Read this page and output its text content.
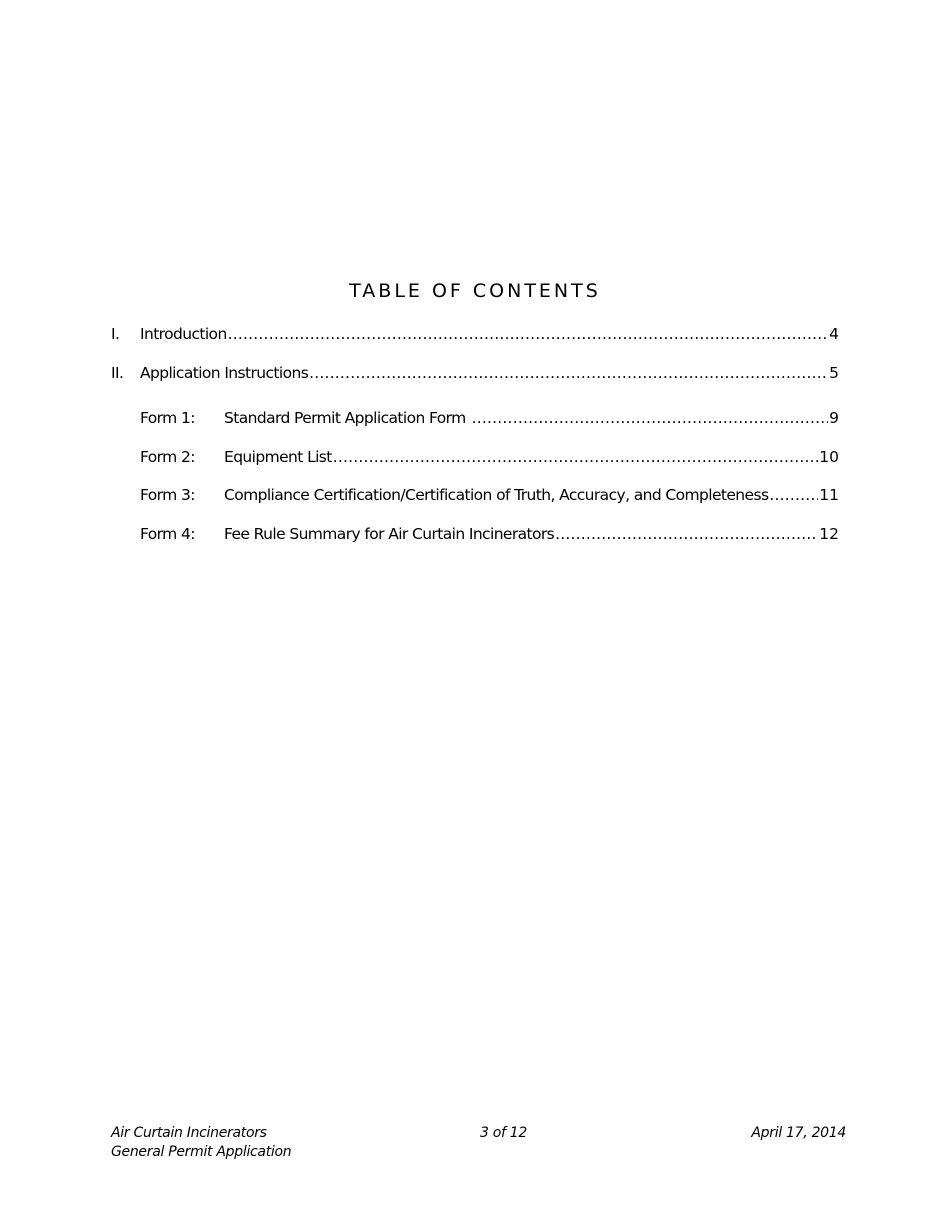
TABLE OF CONTENTS
I.	Introduction .....	4
II.	Application Instructions .....	5
Form 1:	Standard Permit Application Form .....	9
Form 2:	Equipment List .....	10
Form 3:	Compliance Certification/Certification of Truth, Accuracy, and Completeness .....	11
Form 4:	Fee Rule Summary for Air Curtain Incinerators .....	12
Air Curtain Incinerators
General Permit Application
3 of 12	April 17, 2014
